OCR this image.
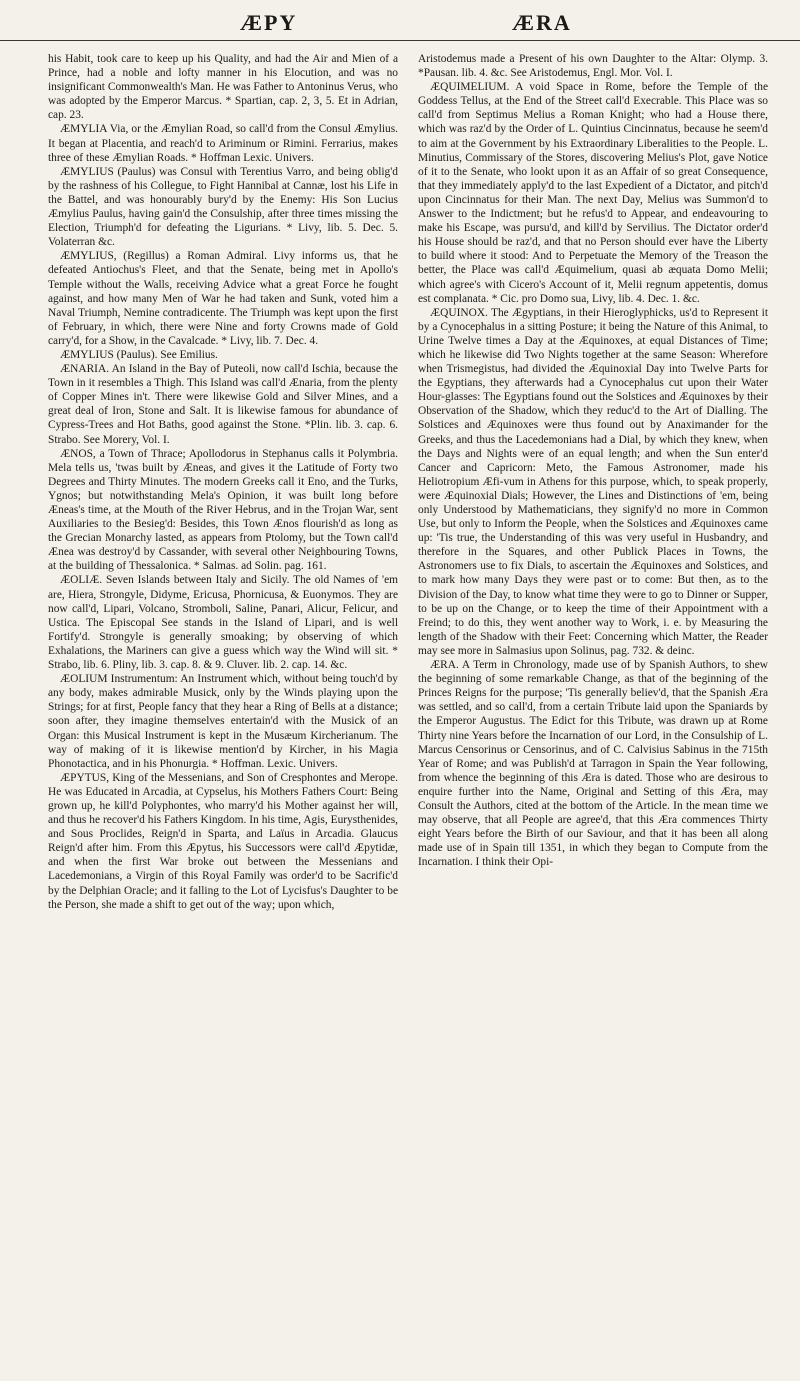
ÆPY	ÆRA

his Habit, took care to keep up his Quality, and had the Air and Mien of a Prince, had a noble and lofty manner in his Elocution, and was no insignificant Commonwealth's Man. He was Father to Antoninus Verus, who was adopted by the Emperor Marcus. * Spartian, cap. 2, 3, 5. Et in Adrian, cap. 23.

ÆMYLIA Via, or the Æmylian Road, so call'd from the Consul Æmylius. It began at Placentia, and reach'd to Ariminum or Rimini. Ferrarius, makes three of these Æmylian Roads. * Hoffman Lexic. Univers.

ÆMYLIUS (Paulus) was Consul with Terentius Varro, and being oblig'd by the rashness of his Collegue, to Fight Hannibal at Cannæ, lost his Life in the Battel, and was honourably bury'd by the Enemy: His Son Lucius Æmylius Paulus, having gain'd the Consulship, after three times missing the Election, Triumph'd for defeating the Ligurians. * Livy, lib. 5. Dec. 5. Volaterran &c.

ÆMYLIUS, (Regillus) a Roman Admiral. Livy informs us, that he defeated Antiochus's Fleet, and that the Senate, being met in Apollo's Temple without the Walls, receiving Advice what a great Force he fought against, and how many Men of War he had taken and Sunk, voted him a Naval Triumph, Nemine contradicente. The Triumph was kept upon the first of February, in which, there were Nine and forty Crowns made of Gold carry'd, for a Show, in the Cavalcade. * Livy, lib. 7. Dec. 4.

ÆMYLIUS (Paulus). See Emilius.

ÆNARIA. An Island in the Bay of Puteoli, now call'd Ischia, because the Town in it resembles a Thigh. This Island was call'd Ænaria, from the plenty of Copper Mines in't. There were likewise Gold and Silver Mines, and a great deal of Iron, Stone and Salt. It is likewise famous for abundance of Cypress-Trees and Hot Baths, good against the Stone. *Plin. lib. 3. cap. 6. Strabo. See Morery, Vol. I.

ÆNOS, a Town of Thrace; Apollodorus in Stephanus calls it Polymbria. Mela tells us, 'twas built by Æneas, and gives it the Latitude of Forty two Degrees and Thirty Minutes. The modern Greeks call it Eno, and the Turks, Ygnos; but notwithstanding Mela's Opinion, it was built long before Æneas's time, at the Mouth of the River Hebrus, and in the Trojan War, sent Auxiliaries to the Besieg'd: Besides, this Town Ænos flourish'd as long as the Grecian Monarchy lasted, as appears from Ptolomy, but the Town call'd Ænea was destroy'd by Cassander, with several other Neighbouring Towns, at the building of Thessalonica. * Salmas. ad Solin. pag. 161.

ÆOLIÆ. Seven Islands between Italy and Sicily. The old Names of 'em are, Hiera, Strongyle, Didyme, Ericusa, Phornicusa, & Euonymos. They are now call'd, Lipari, Volcano, Stromboli, Saline, Panari, Alicur, Felicur, and Ustica. The Episcopal See stands in the Island of Lipari, and is well Fortify'd. Strongyle is generally smoaking; by observing of which Exhalations, the Mariners can give a guess which way the Wind will sit. * Strabo, lib. 6. Pliny, lib. 3. cap. 8. & 9. Cluver. lib. 2. cap. 14. &c.

ÆOLIUM Instrumentum: An Instrument which, without being touch'd by any body, makes admirable Musick, only by the Winds playing upon the Strings; for at first, People fancy that they hear a Ring of Bells at a distance; soon after, they imagine themselves entertain'd with the Musick of an Organ: this Musical Instrument is kept in the Musæum Kircherianum. The way of making of it is likewise mention'd by Kircher, in his Magia Phonotactica, and in his Phonurgia. * Hoffman. Lexic. Univers.

ÆPYTUS, King of the Messenians, and Son of Cresphontes and Merope. He was Educated in Arcadia, at Cypselus, his Mothers Fathers Court: Being grown up, he kill'd Polyphontes, who marry'd his Mother against her will, and thus he recover'd his Fathers Kingdom. In his time, Agis, Eurysthenides, and Sous Proclides, Reign'd in Sparta, and Laïus in Arcadia. Glaucus Reign'd after him. From this Æpytus, his Successors were call'd Æpytidæ, and when the first War broke out between the Messenians and Lacedemonians, a Virgin of this Royal Family was order'd to be Sacrific'd by the Delphian Oracle; and it falling to the Lot of Lycisfus's Daughter to be the Person, she made a shift to get out of the way; upon which,

Aristodemus made a Present of his own Daughter to the Altar: Olymp. 3. *Pausan. lib. 4. &c. See Aristodemus, Engl. Mor. Vol. I.

ÆQUIMELIUM. A void Space in Rome, before the Temple of the Goddess Tellus, at the End of the Street call'd Execrable. This Place was so call'd from Septimus Melius a Roman Knight; who had a House there, which was raz'd by the Order of L. Quintius Cincinnatus, because he seem'd to aim at the Government by his Extraordinary Liberalities to the People. L. Minutius, Commissary of the Stores, discovering Melius's Plot, gave Notice of it to the Senate, who lookt upon it as an Affair of so great Consequence, that they immediately apply'd to the last Expedient of a Dictator, and pitch'd upon Cincinnatus for their Man. The next Day, Melius was Summon'd to Answer to the Indictment; but he refus'd to Appear, and endeavouring to make his Escape, was pursu'd, and kill'd by Servilius. The Dictator order'd his House should be raz'd, and that no Person should ever have the Liberty to build where it stood: And to Perpetuate the Memory of the Treason the better, the Place was call'd Æquimelium, quasi ab æquata Domo Melii; which agree's with Cicero's Account of it, Melii regnum appetentis, domus est complanata. * Cic. pro Domo sua, Livy, lib. 4. Dec. 1. &c.

ÆQUINOX. The Ægyptians, in their Hieroglyphicks, us'd to Represent it by a Cynocephalus in a sitting Posture; it being the Nature of this Animal, to Urine Twelve times a Day at the Æquinoxes, at equal Distances of Time; which he likewise did Two Nights together at the same Season: Wherefore when Trismegistus, had divided the Æquinoxial Day into Twelve Parts for the Egyptians, they afterwards had a Cynocephalus cut upon their Water Hour-glasses: The Egyptians found out the Solstices and Æquinoxes by their Observation of the Shadow, which they reduc'd to the Art of Dialling. The Solstices and Æquinoxes were thus found out by Anaximander for the Greeks, and thus the Lacedemonians had a Dial, by which they knew, when the Days and Nights were of an equal length; and when the Sun enter'd Cancer and Capricorn: Meto, the Famous Astronomer, made his Heliotropium Æfi-vum in Athens for this purpose, which, to speak properly, were Æquinoxial Dials; However, the Lines and Distinctions of 'em, being only Understood by Mathematicians, they signify'd no more in Common Use, but only to Inform the People, when the Solstices and Æquinoxes came up: 'Tis true, the Understanding of this was very useful in Husbandry, and therefore in the Squares, and other Publick Places in Towns, the Astronomers use to fix Dials, to ascertain the Æquinoxes and Solstices, and to mark how many Days they were past or to come: But then, as to the Division of the Day, to know what time they were to go to Dinner or Supper, to be up on the Change, or to keep the time of their Appointment with a Freind; to do this, they went another way to Work, i. e. by Measuring the length of the Shadow with their Feet: Concerning which Matter, the Reader may see more in Salmasius upon Solinus, pag. 732. & deinc.

ÆRA. A Term in Chronology, made use of by Spanish Authors, to shew the beginning of some remarkable Change, as that of the beginning of the Princes Reigns for the purpose; 'Tis generally believ'd, that the Spanish Æra was settled, and so call'd, from a certain Tribute laid upon the Spaniards by the Emperor Augustus. The Edict for this Tribute, was drawn up at Rome Thirty nine Years before the Incarnation of our Lord, in the Consulship of L. Marcus Censorinus or Censorinus, and of C. Calvisius Sabinus in the 715th Year of Rome; and was Publish'd at Tarragon in Spain the Year following, from whence the beginning of this Æra is dated. Those who are desirous to enquire further into the Name, Original and Setting of this Æra, may Consult the Authors, cited at the bottom of the Article. In the mean time we may observe, that all People are agree'd, that this Æra commences Thirty eight Years before the Birth of our Saviour, and that it has been all along made use of in Spain till 1351, in which they began to Compute from the Incarnation. I think their Opi-
